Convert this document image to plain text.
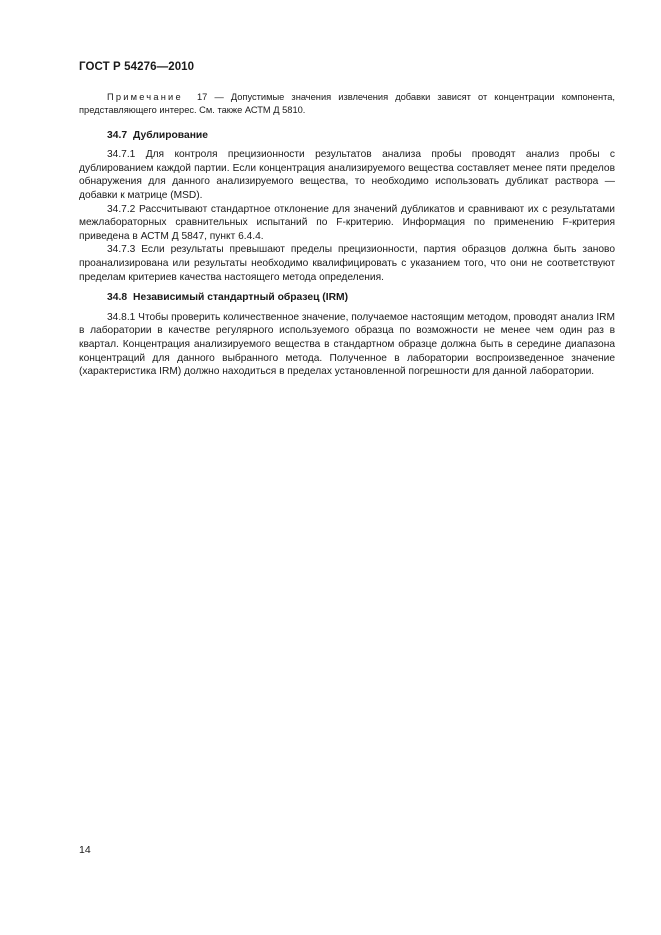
ГОСТ Р 54276—2010

Примечание 17 — Допустимые значения извлечения добавки зависят от концентрации компонента, представляющего интерес. См. также АСТМ Д 5810.

34.7 Дублирование

34.7.1 Для контроля прецизионности результатов анализа пробы проводят анализ пробы с дублированием каждой партии. Если концентрация анализируемого вещества составляет менее пяти пределов обнаружения для данного анализируемого вещества, то необходимо использовать дубликат раствора — добавки к матрице (MSD).

34.7.2 Рассчитывают стандартное отклонение для значений дубликатов и сравнивают их с результатами межлабораторных сравнительных испытаний по F-критерию. Информация по применению F-критерия приведена в АСТМ Д 5847, пункт 6.4.4.

34.7.3 Если результаты превышают пределы прецизионности, партия образцов должна быть заново проанализирована или результаты необходимо квалифицировать с указанием того, что они не соответствуют пределам критериев качества настоящего метода определения.

34.8 Независимый стандартный образец (IRM)

34.8.1 Чтобы проверить количественное значение, получаемое настоящим методом, проводят анализ IRM в лаборатории в качестве регулярного используемого образца по возможности не менее чем один раз в квартал. Концентрация анализируемого вещества в стандартном образце должна быть в середине диапазона концентраций для данного выбранного метода. Полученное в лаборатории воспроизведенное значение (характеристика IRM) должно находиться в пределах установленной погрешности для данной лаборатории.

14
